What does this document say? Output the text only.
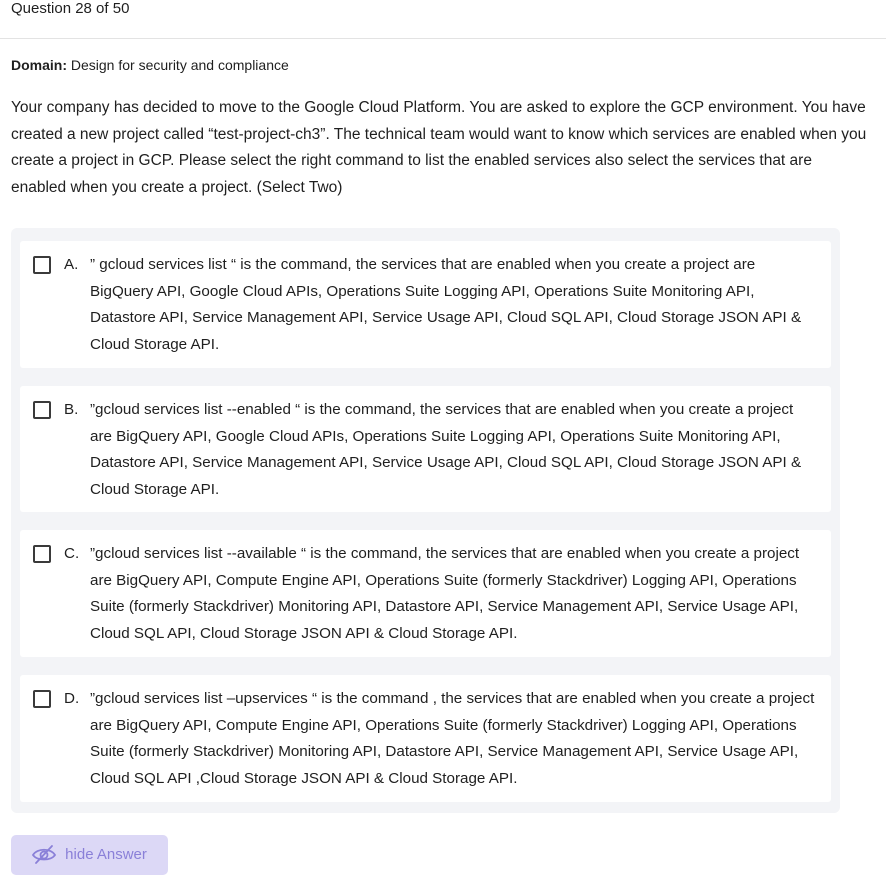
Question 28 of 50
Domain: Design for security and compliance
Your company has decided to move to the Google Cloud Platform. You are asked to explore the GCP environment. You have created a new project called “test-project-ch3”. The technical team would want to know which services are enabled when you create a project in GCP. Please select the right command to list the enabled services also select the services that are enabled when you create a project. (Select Two)
A. ” gcloud services list “ is the command, the services that are enabled when you create a project are BigQuery API, Google Cloud APIs, Operations Suite Logging API, Operations Suite Monitoring API, Datastore API, Service Management API, Service Usage API, Cloud SQL API, Cloud Storage JSON API & Cloud Storage API.
B. ”gcloud services list --enabled “ is the command, the services that are enabled when you create a project are BigQuery API, Google Cloud APIs, Operations Suite Logging API, Operations Suite Monitoring API, Datastore API, Service Management API, Service Usage API, Cloud SQL API, Cloud Storage JSON API & Cloud Storage API.
C. ”gcloud services list --available “ is the command, the services that are enabled when you create a project are BigQuery API, Compute Engine API, Operations Suite (formerly Stackdriver) Logging API, Operations Suite (formerly Stackdriver) Monitoring API, Datastore API, Service Management API, Service Usage API, Cloud SQL API, Cloud Storage JSON API & Cloud Storage API.
D. ”gcloud services list –upservices “ is the command , the services that are enabled when you create a project are BigQuery API, Compute Engine API, Operations Suite (formerly Stackdriver) Logging API, Operations Suite (formerly Stackdriver) Monitoring API, Datastore API, Service Management API, Service Usage API, Cloud SQL API ,Cloud Storage JSON API & Cloud Storage API.
hide Answer
